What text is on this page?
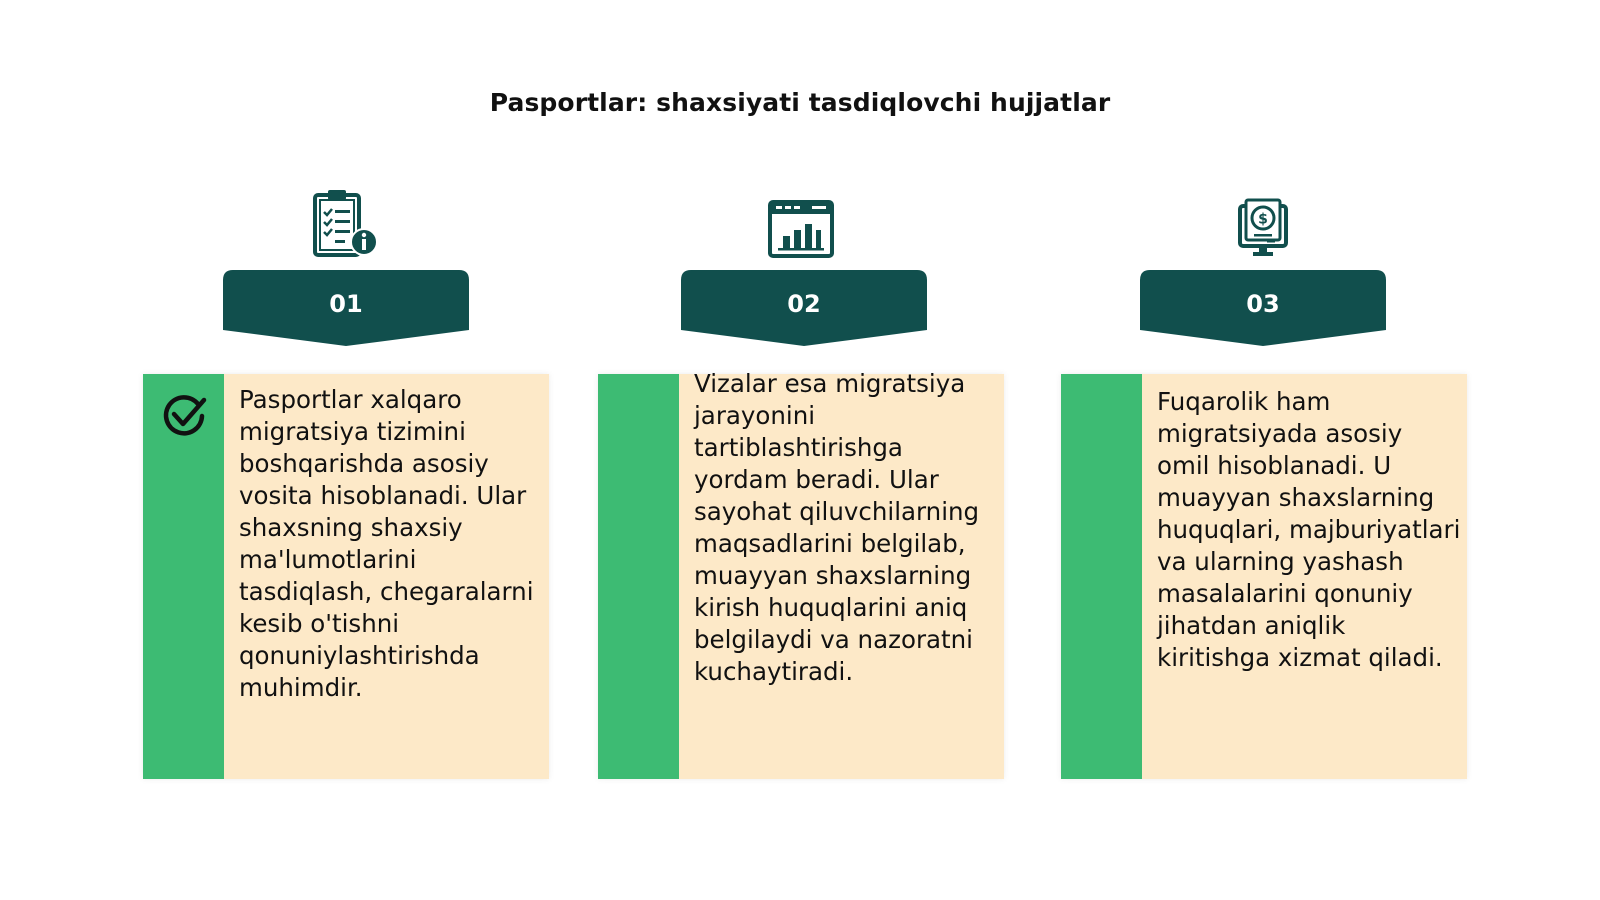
Pasportlar: shaxsiyati tasdiqlovchi hujjatlar
$
01	02	03
Pasportlar xalqaro migratsiya tizimini boshqarishda asosiy vosita hisoblanadi. Ular shaxsning shaxsiy ma'lumotlarini tasdiqlash, chegaralarni kesib o'tishni qonuniylashtirishda muhimdir.
Vizalar esa migratsiya jarayonini tartiblashtirishga yordam beradi. Ular sayohat qiluvchilarning maqsadlarini belgilab, muayyan shaxslarning kirish huquqlarini aniq belgilaydi va nazoratni kuchaytiradi.
Fuqarolik ham migratsiyada asosiy omil hisoblanadi. U muayyan shaxslarning huquqlari, majburiyatlari va ularning yashash masalalarini qonuniy jihatdan aniqlik kiritishga xizmat qiladi.
